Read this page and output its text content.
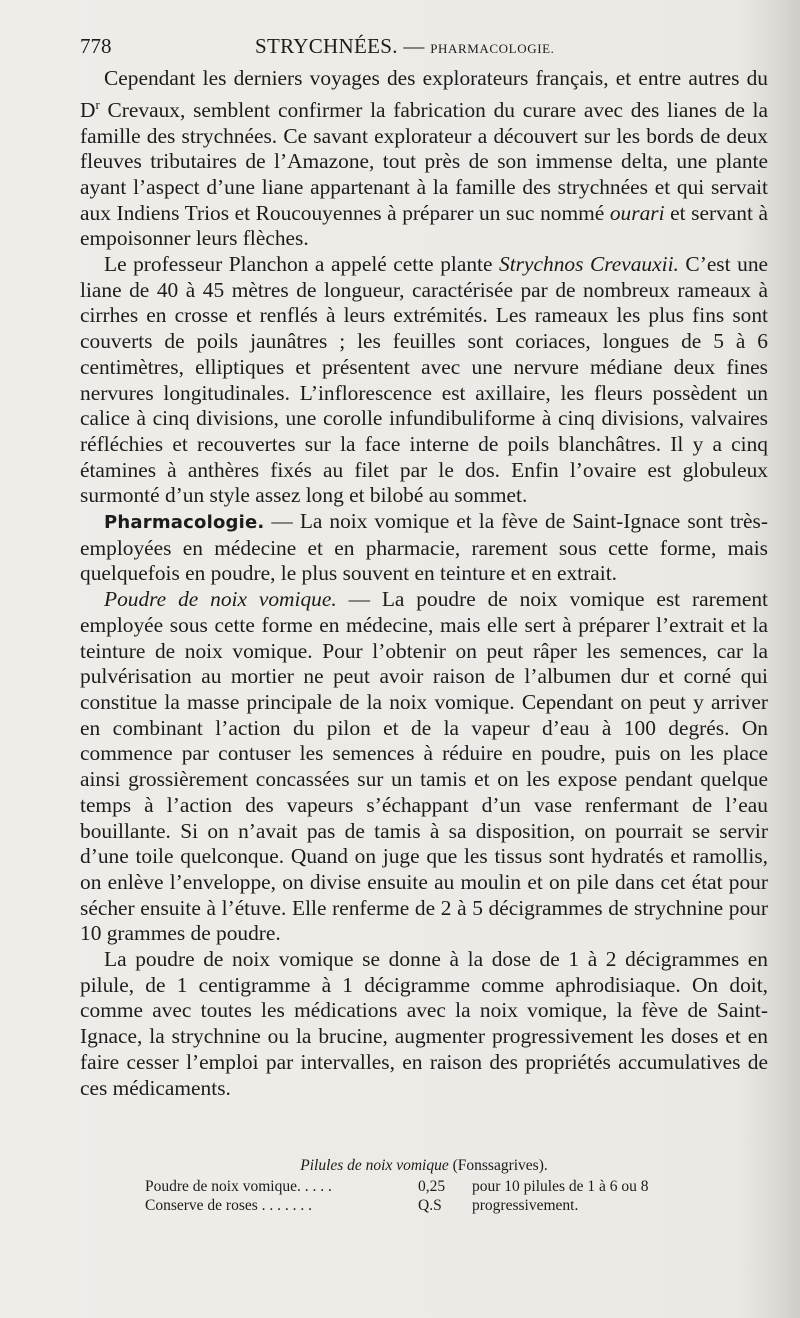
778	STRYCHNÉES. — PHARMACOLOGIE.

Cependant les derniers voyages des explorateurs français, et entre autres du $D^r$ Crevaux, semblent confirmer la fabrication du curare avec des lianes de la famille des strychnées. Ce savant explorateur a découvert sur les bords de deux fleuves tributaires de l’Amazone, tout près de son immense delta, une plante ayant l’aspect d’une liane appartenant à la famille des strychnées et qui servait aux Indiens Trios et Roucouyennes à préparer un suc nommé ourari et servant à empoisonner leurs flèches.

Le professeur Planchon a appelé cette plante Strychnos Crevauxii. C’est une liane de 40 à 45 mètres de longueur, caractérisée par de nombreux rameaux à cirrhes en crosse et renflés à leurs extrémités. Les rameaux les plus fins sont couverts de poils jaunâtres ; les feuilles sont coriaces, longues de 5 à 6 centimètres, elliptiques et présentent avec une nervure médiane deux fines nervures longitudinales. L’inflorescence est axillaire, les fleurs possèdent un calice à cinq divisions, une corolle infundibuliforme à cinq divisions, valvaires réfléchies et recouvertes sur la face interne de poils blanchâtres. Il y a cinq étamines à anthères fixés au filet par le dos. Enfin l’ovaire est globuleux surmonté d’un style assez long et bilobé au sommet.

Pharmacologie. — La noix vomique et la fève de Saint-Ignace sont très-employées en médecine et en pharmacie, rarement sous cette forme, mais quelquefois en poudre, le plus souvent en teinture et en extrait.

Poudre de noix vomique. — La poudre de noix vomique est rarement employée sous cette forme en médecine, mais elle sert à préparer l’extrait et la teinture de noix vomique. Pour l’obtenir on peut râper les semences, car la pulvérisation au mortier ne peut avoir raison de l’albumen dur et corné qui constitue la masse principale de la noix vomique. Cependant on peut y arriver en combinant l’action du pilon et de la vapeur d’eau à 100 degrés. On commence par contuser les semences à réduire en poudre, puis on les place ainsi grossièrement concassées sur un tamis et on les expose pendant quelque temps à l’action des vapeurs s’échappant d’un vase renfermant de l’eau bouillante. Si on n’avait pas de tamis à sa disposition, on pourrait se servir d’une toile quelconque. Quand on juge que les tissus sont hydratés et ramollis, on enlève l’enveloppe, on divise ensuite au moulin et on pile dans cet état pour sécher ensuite à l’étuve. Elle renferme de 2 à 5 décigrammes de strychnine pour 10 grammes de poudre.

La poudre de noix vomique se donne à la dose de 1 à 2 décigrammes en pilule, de 1 centigramme à 1 décigramme comme aphrodisiaque. On doit, comme avec toutes les médications avec la noix vomique, la fève de Saint-Ignace, la strychnine ou la brucine, augmenter progressivement les doses et en faire cesser l’emploi par intervalles, en raison des propriétés accumulatives de ces médicaments.

Pilules de noix vomique (Fonssagrives).
Poudre de noix vomique. . . . .	0,25 pour 10 pilules de 1 à 6 ou 8
Conserve de roses . . . . . . .	Q.S progressivement.
